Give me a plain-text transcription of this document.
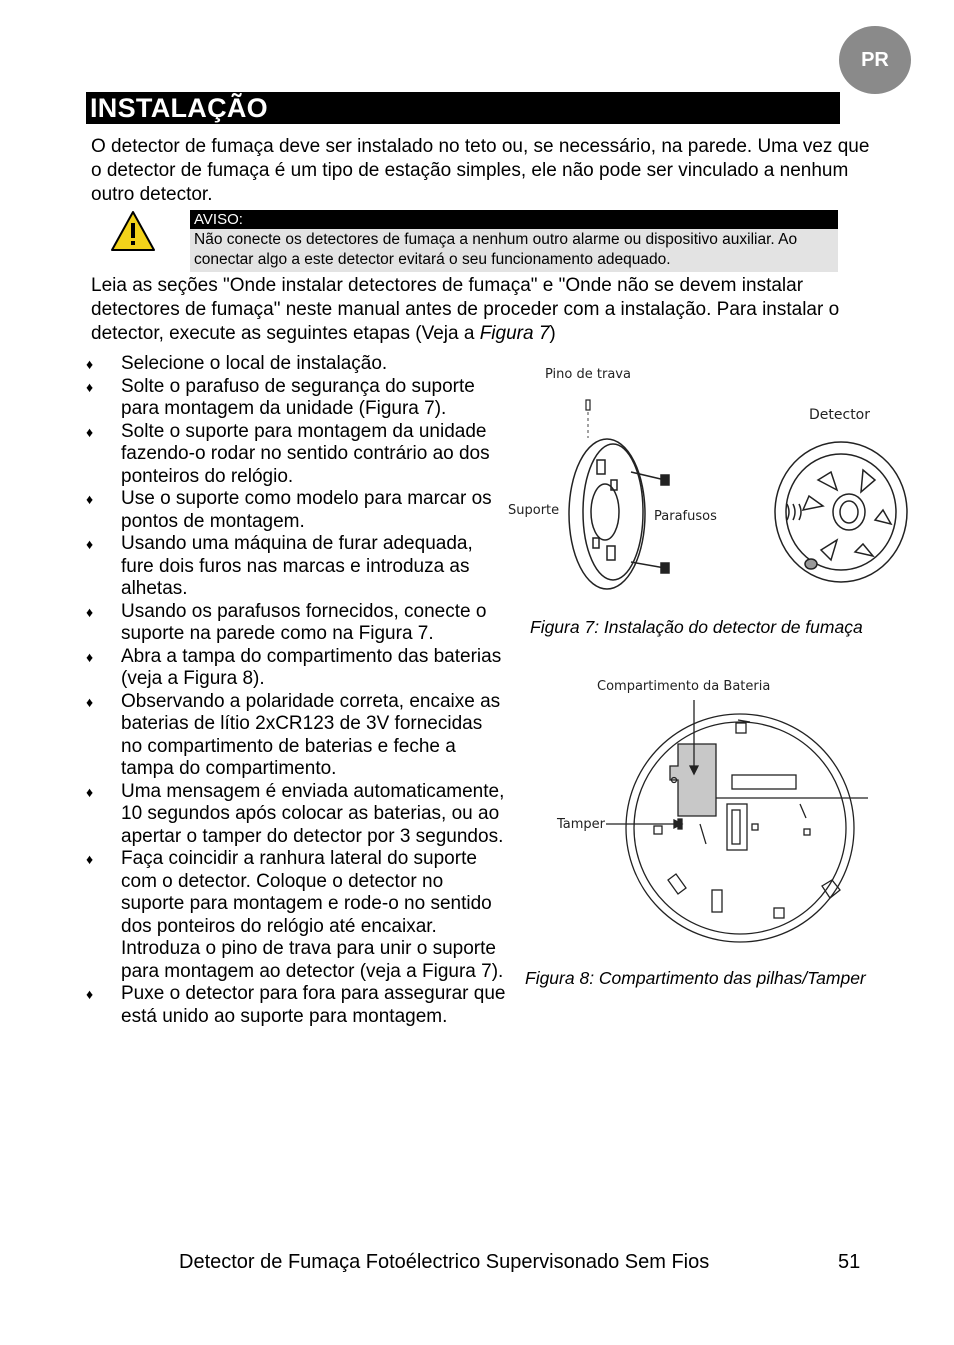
PR
INSTALAÇÃO

O detector de fumaça deve ser instalado no teto ou, se necessário, na parede. Uma vez que o detector de fumaça é um tipo de estação simples, ele não pode ser vinculado a nenhum outro detector.

AVISO:
Não conecte os detectores de fumaça a nenhum outro alarme ou dispositivo auxiliar. Ao conectar algo a este detector evitará o seu funcionamento adequado.

Leia as seções "Onde instalar detectores de fumaça" e "Onde não se devem instalar detectores de fumaça" neste manual antes de proceder com a instalação. Para instalar o detector, execute as seguintes etapas (Veja a Figura 7)

♦ Selecione o local de instalação.
♦ Solte o parafuso de segurança do suporte para montagem da unidade (Figura 7).
♦ Solte o suporte para montagem da unidade fazendo-o rodar no sentido contrário ao dos ponteiros do relógio.
♦ Use o suporte como modelo para marcar os pontos de montagem.
♦ Usando uma máquina de furar adequada, fure dois furos nas marcas e introduza as alhetas.
♦ Usando os parafusos fornecidos, conecte o suporte na parede como na Figura 7.
♦ Abra a tampa do compartimento das baterias (veja a Figura 8).
♦ Observando a polaridade correta, encaixe as baterias de lítio 2xCR123 de 3V fornecidas no compartimento de baterias e feche a tampa do compartimento.
♦ Uma mensagem é enviada automaticamente, 10 segundos após colocar as baterias, ou ao apertar o tamper do detector por 3 segundos.
♦ Faça coincidir a ranhura lateral do suporte com o detector. Coloque o detector no suporte para montagem e rode-o no sentido dos ponteiros do relógio até encaixar.
Introduza o pino de trava para unir o suporte para montagem ao detector (veja a Figura 7).
♦ Puxe o detector para fora para assegurar que está unido ao suporte para montagem.
Pino de trava
Detector
Suporte	Parafusos
Figura 7: Instalação do detector de fumaça
Compartimento da Bateria
Tamper
Figura 8: Compartimento das pilhas/Tamper
Detector de Fumaça Fotoélectrico Supervisonado Sem Fios	51
